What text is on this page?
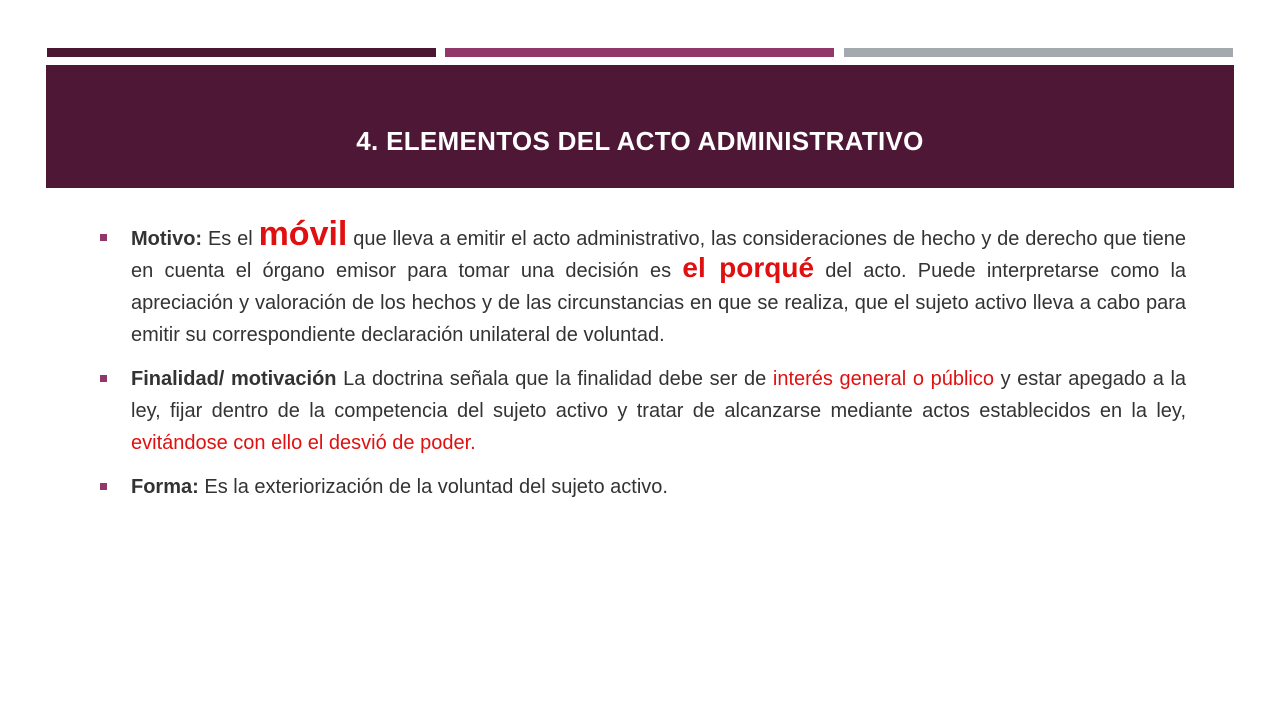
4. ELEMENTOS DEL ACTO ADMINISTRATIVO
Motivo: Es el móvil que lleva a emitir el acto administrativo, las consideraciones de hecho y de derecho que tiene en cuenta el órgano emisor para tomar una decisión es el porqué del acto. Puede interpretarse como la apreciación y valoración de los hechos y de las circunstancias en que se realiza, que el sujeto activo lleva a cabo para emitir su correspondiente declaración unilateral de voluntad.
Finalidad/ motivación La doctrina señala que la finalidad debe ser de interés general o público y estar apegado a la ley, fijar dentro de la competencia del sujeto activo y tratar de alcanzarse mediante actos establecidos en la ley, evitándose con ello el desvió de poder.
Forma: Es la exteriorización de la voluntad del sujeto activo.
